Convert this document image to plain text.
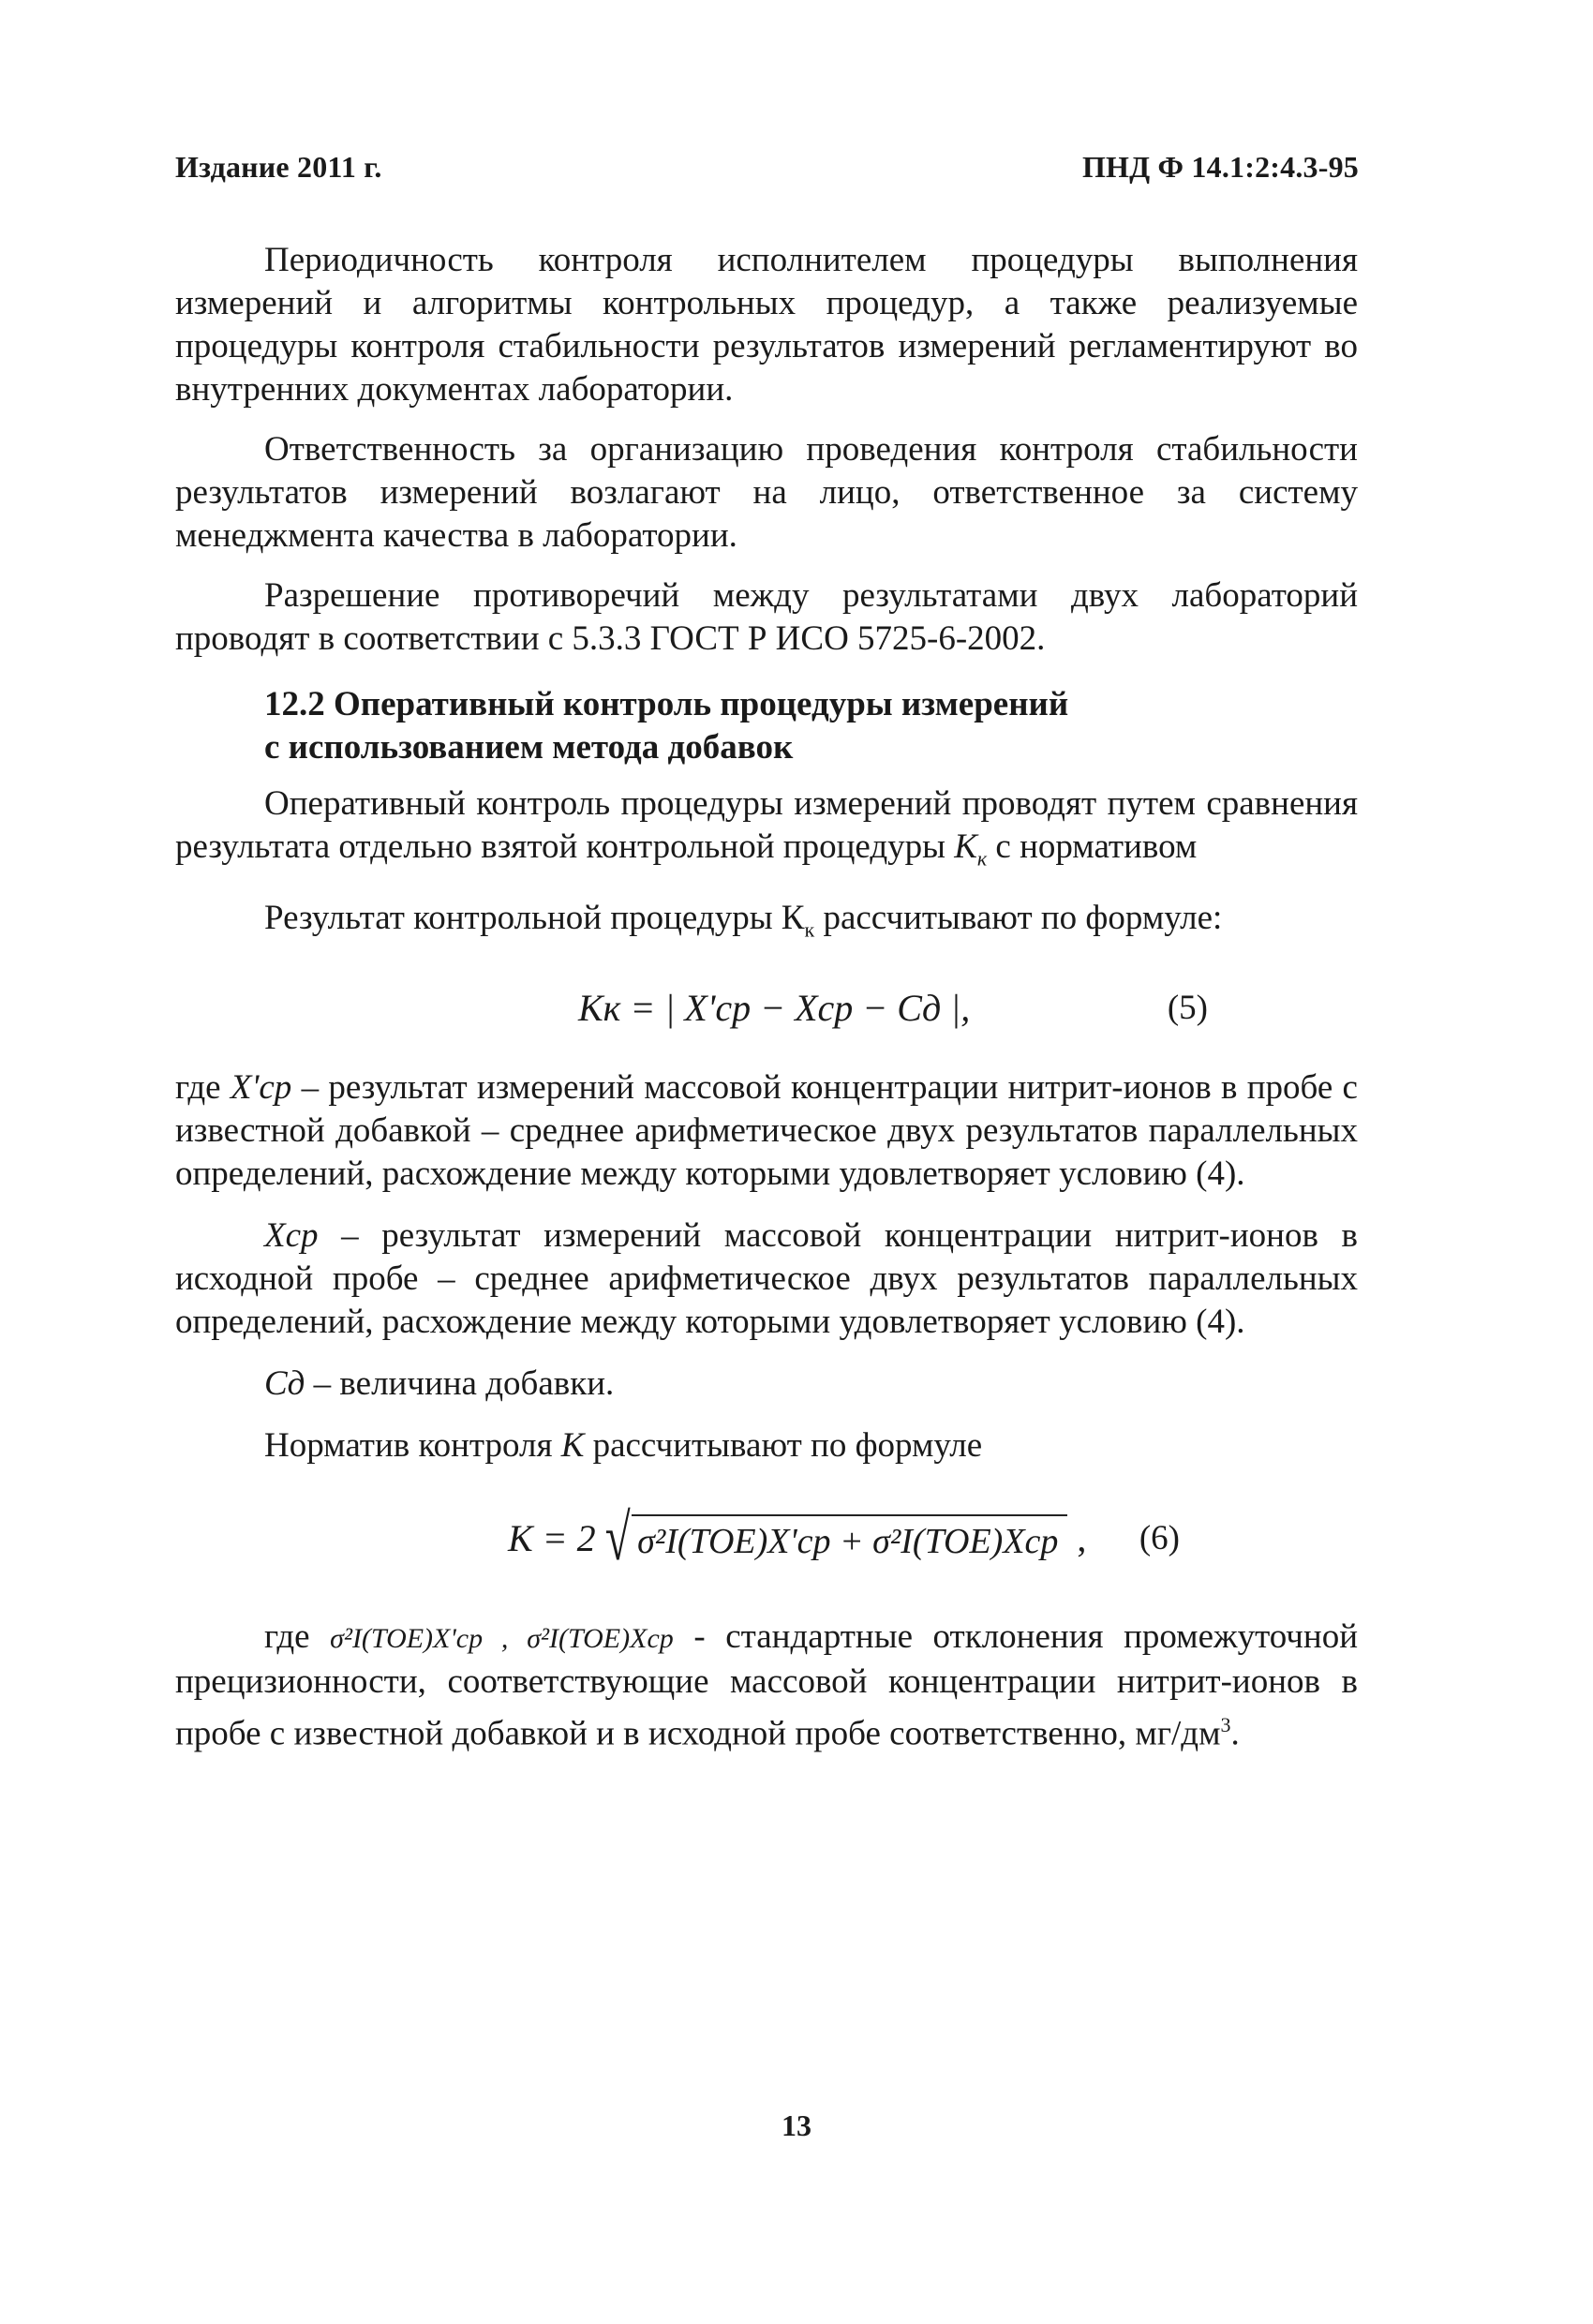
Издание 2011 г.	ПНД Ф 14.1:2:4.3-95

Периодичность контроля исполнителем процедуры выполнения измерений и алгоритмы контрольных процедур, а также реализуемые процедуры контроля стабильности результатов измерений регламентируют во внутренних документах лаборатории.

Ответственность за организацию проведения контроля стабильности результатов измерений возлагают на лицо, ответственное за систему менеджмента качества в лаборатории.

Разрешение противоречий между результатами двух лабораторий проводят в соответствии с 5.3.3 ГОСТ Р ИСО 5725-6-2002.

12.2 Оперативный контроль процедуры измерений
с использованием метода добавок

Оперативный контроль процедуры измерений проводят путем сравнения результата отдельно взятой контрольной процедуры $К_к$ с нормативом

Результат контрольной процедуры $К_к$ рассчитывают по формуле:

Kк = | X'ср − Xср − Cд |,	(5)

где X'ср – результат измерений массовой концентрации нитрит-ионов в пробе с известной добавкой – среднее арифметическое двух результатов параллельных определений, расхождение между которыми удовлетворяет условию (4).

Xср – результат измерений массовой концентрации нитрит-ионов в исходной пробе – среднее арифметическое двух результатов параллельных определений, расхождение между которыми удовлетворяет условию (4).

Cд – величина добавки.

Норматив контроля К рассчитывают по формуле

K = 2 √ σ²I(TOE)X'ср + σ²I(TOE)Xср , (6)

где σ²I(TOE)X'ср , σ²I(TOE)Xср - стандартные отклонения промежуточной прецизионности, соответствующие массовой концентрации нитрит-ионов в пробе с известной добавкой и в исходной пробе соответственно, $мг/дм^3$.

13
